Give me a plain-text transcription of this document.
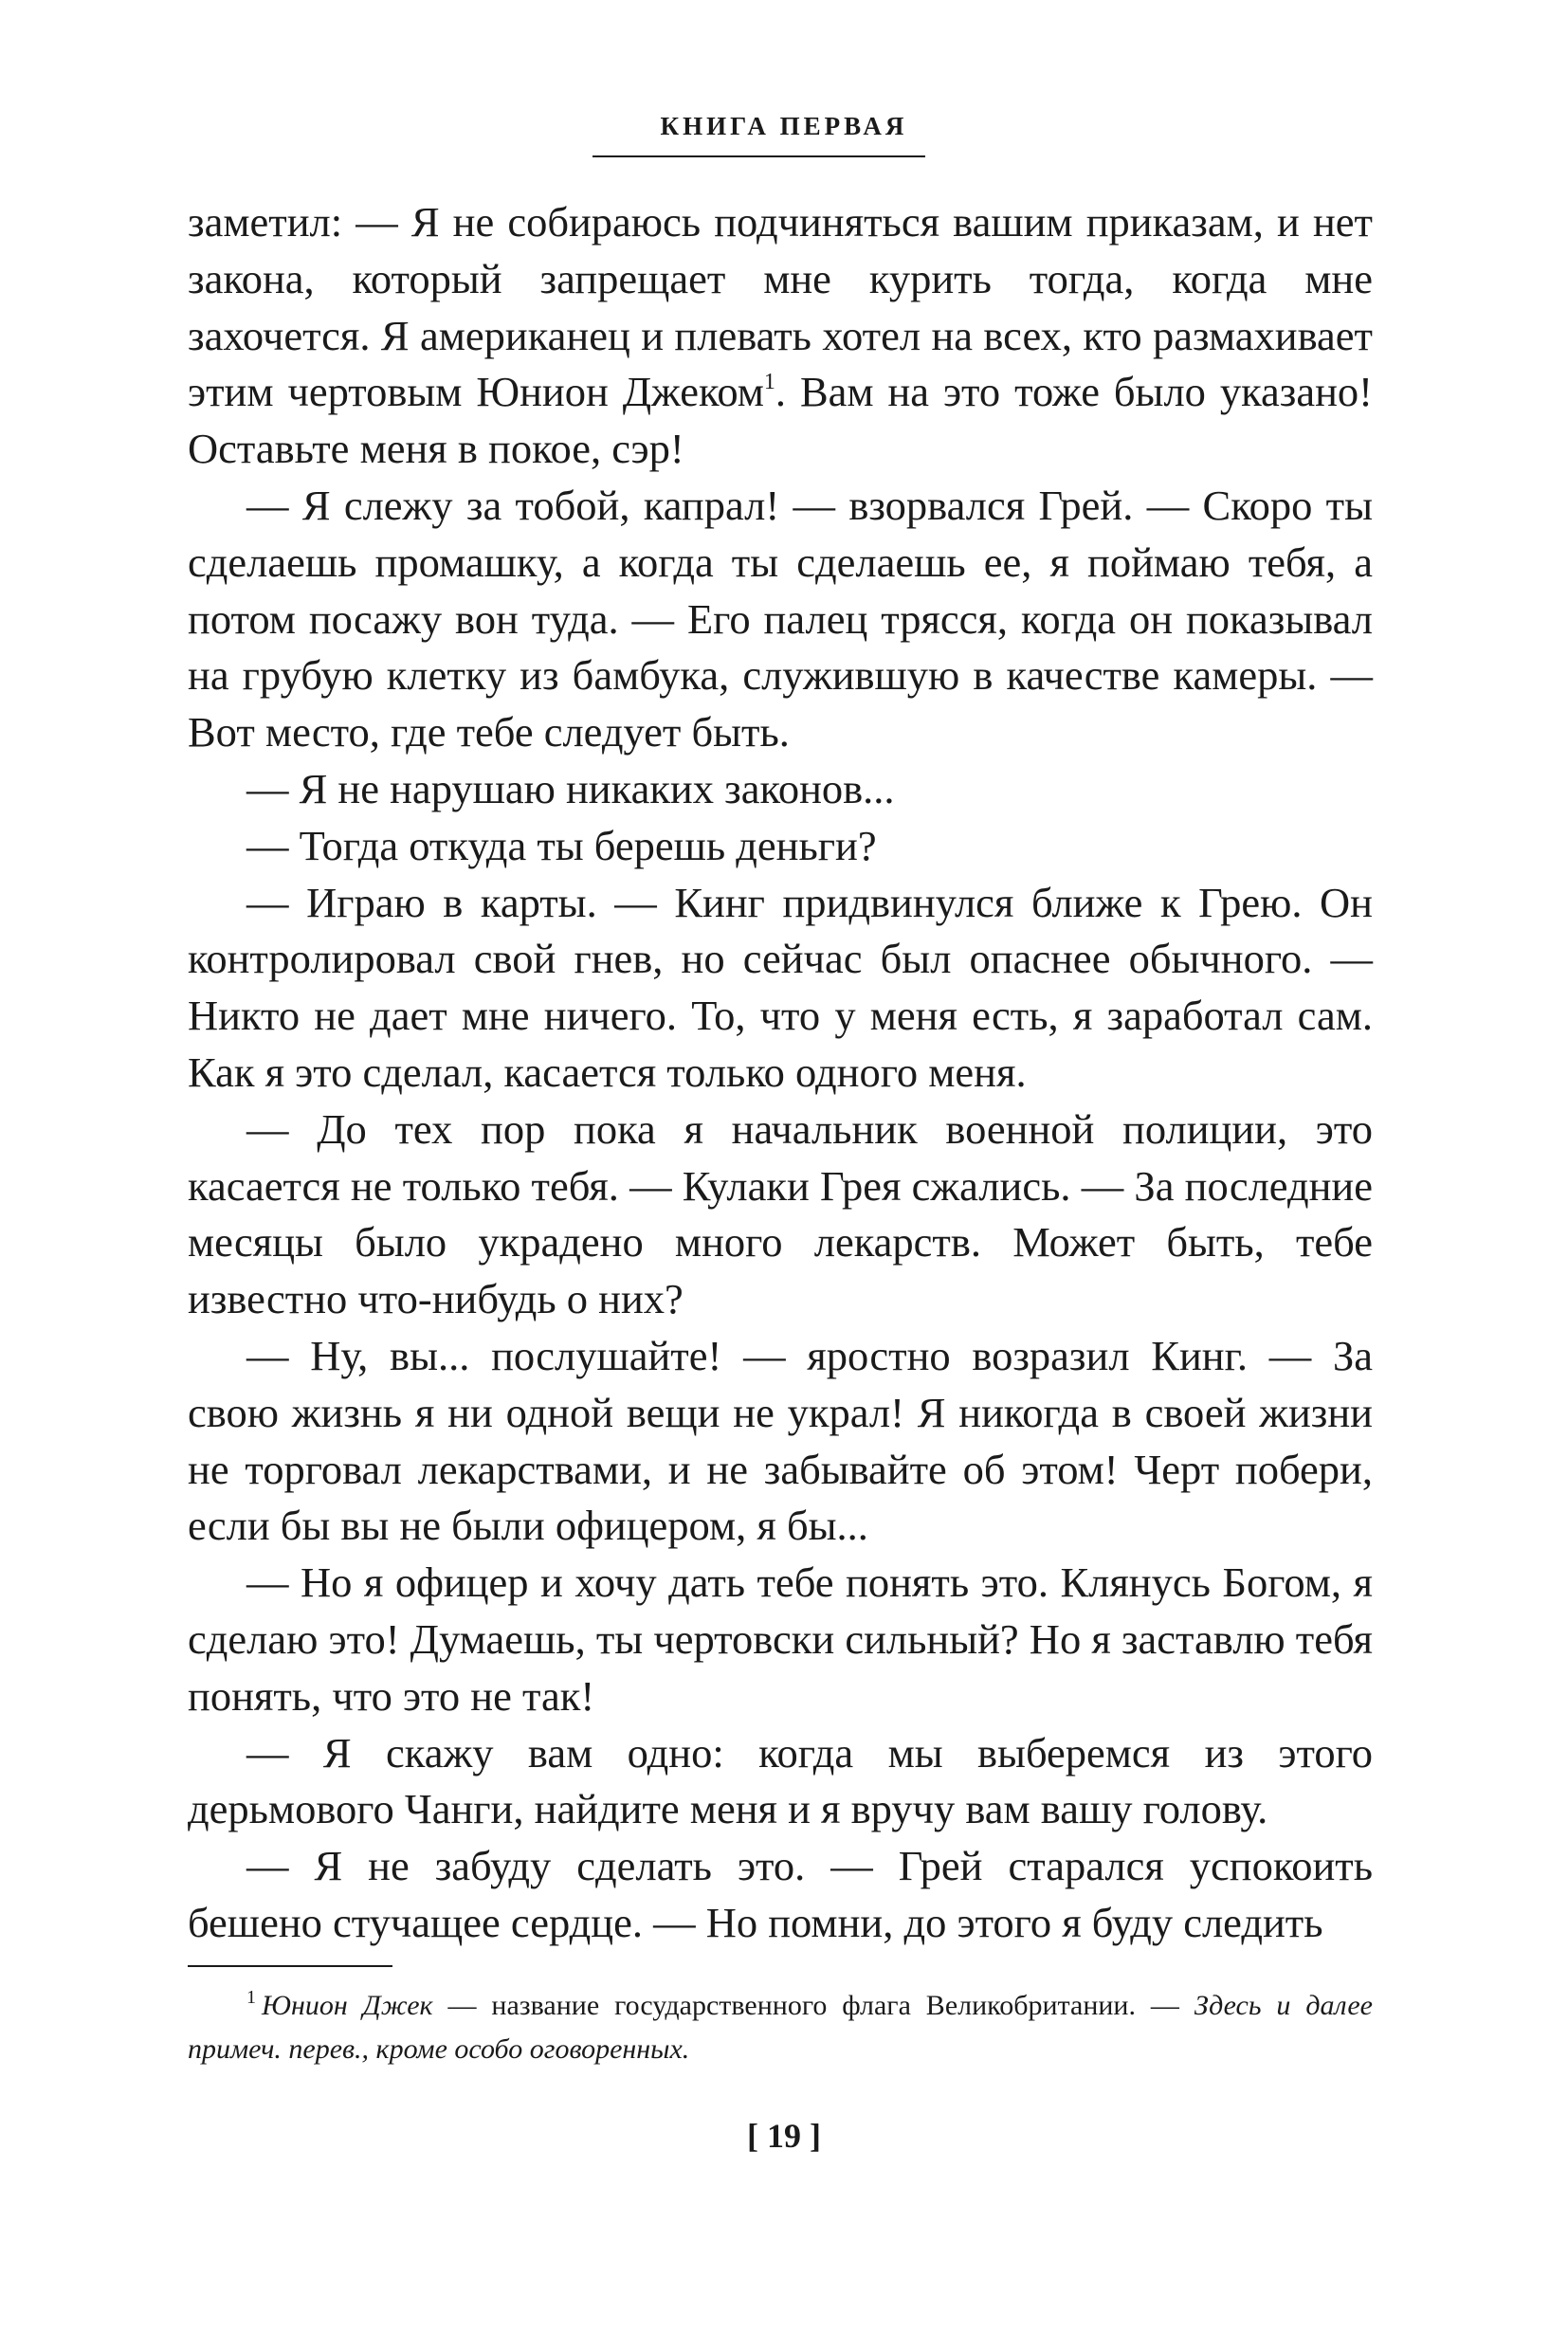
КНИГА ПЕРВАЯ

заметил: — Я не собираюсь подчиняться вашим приказам, и нет закона, который запрещает мне курить тогда, когда мне захочется. Я американец и плевать хотел на всех, кто размахивает этим чертовым Юнион Джеком$^1$. Вам на это тоже было указано! Оставьте меня в покое, сэр!

— Я слежу за тобой, капрал! — взорвался Грей. — Скоро ты сделаешь промашку, а когда ты сделаешь ее, я поймаю тебя, а потом посажу вон туда. — Его палец трясся, когда он показывал на грубую клетку из бамбука, служившую в качестве камеры. — Вот место, где тебе следует быть.

— Я не нарушаю никаких законов...

— Тогда откуда ты берешь деньги?

— Играю в карты. — Кинг придвинулся ближе к Грею. Он контролировал свой гнев, но сейчас был опаснее обычного. — Никто не дает мне ничего. То, что у меня есть, я заработал сам. Как я это сделал, касается только одного меня.

— До тех пор пока я начальник военной полиции, это касается не только тебя. — Кулаки Грея сжались. — За последние месяцы было украдено много лекарств. Может быть, тебе известно что-нибудь о них?

— Ну, вы... послушайте! — яростно возразил Кинг. — За свою жизнь я ни одной вещи не украл! Я никогда в своей жизни не торговал лекарствами, и не забывайте об этом! Черт побери, если бы вы не были офицером, я бы...

— Но я офицер и хочу дать тебе понять это. Клянусь Богом, я сделаю это! Думаешь, ты чертовски сильный? Но я заставлю тебя понять, что это не так!

— Я скажу вам одно: когда мы выберемся из этого дерьмового Чанги, найдите меня и я вручу вам вашу голову.

— Я не забуду сделать это. — Грей старался успокоить бешено стучащее сердце. — Но помни, до этого я буду следить

$^1$ Юнион Джек — название государственного флага Великобритании. — Здесь и далее примеч. перев., кроме особо оговоренных.
[ 19 ]
